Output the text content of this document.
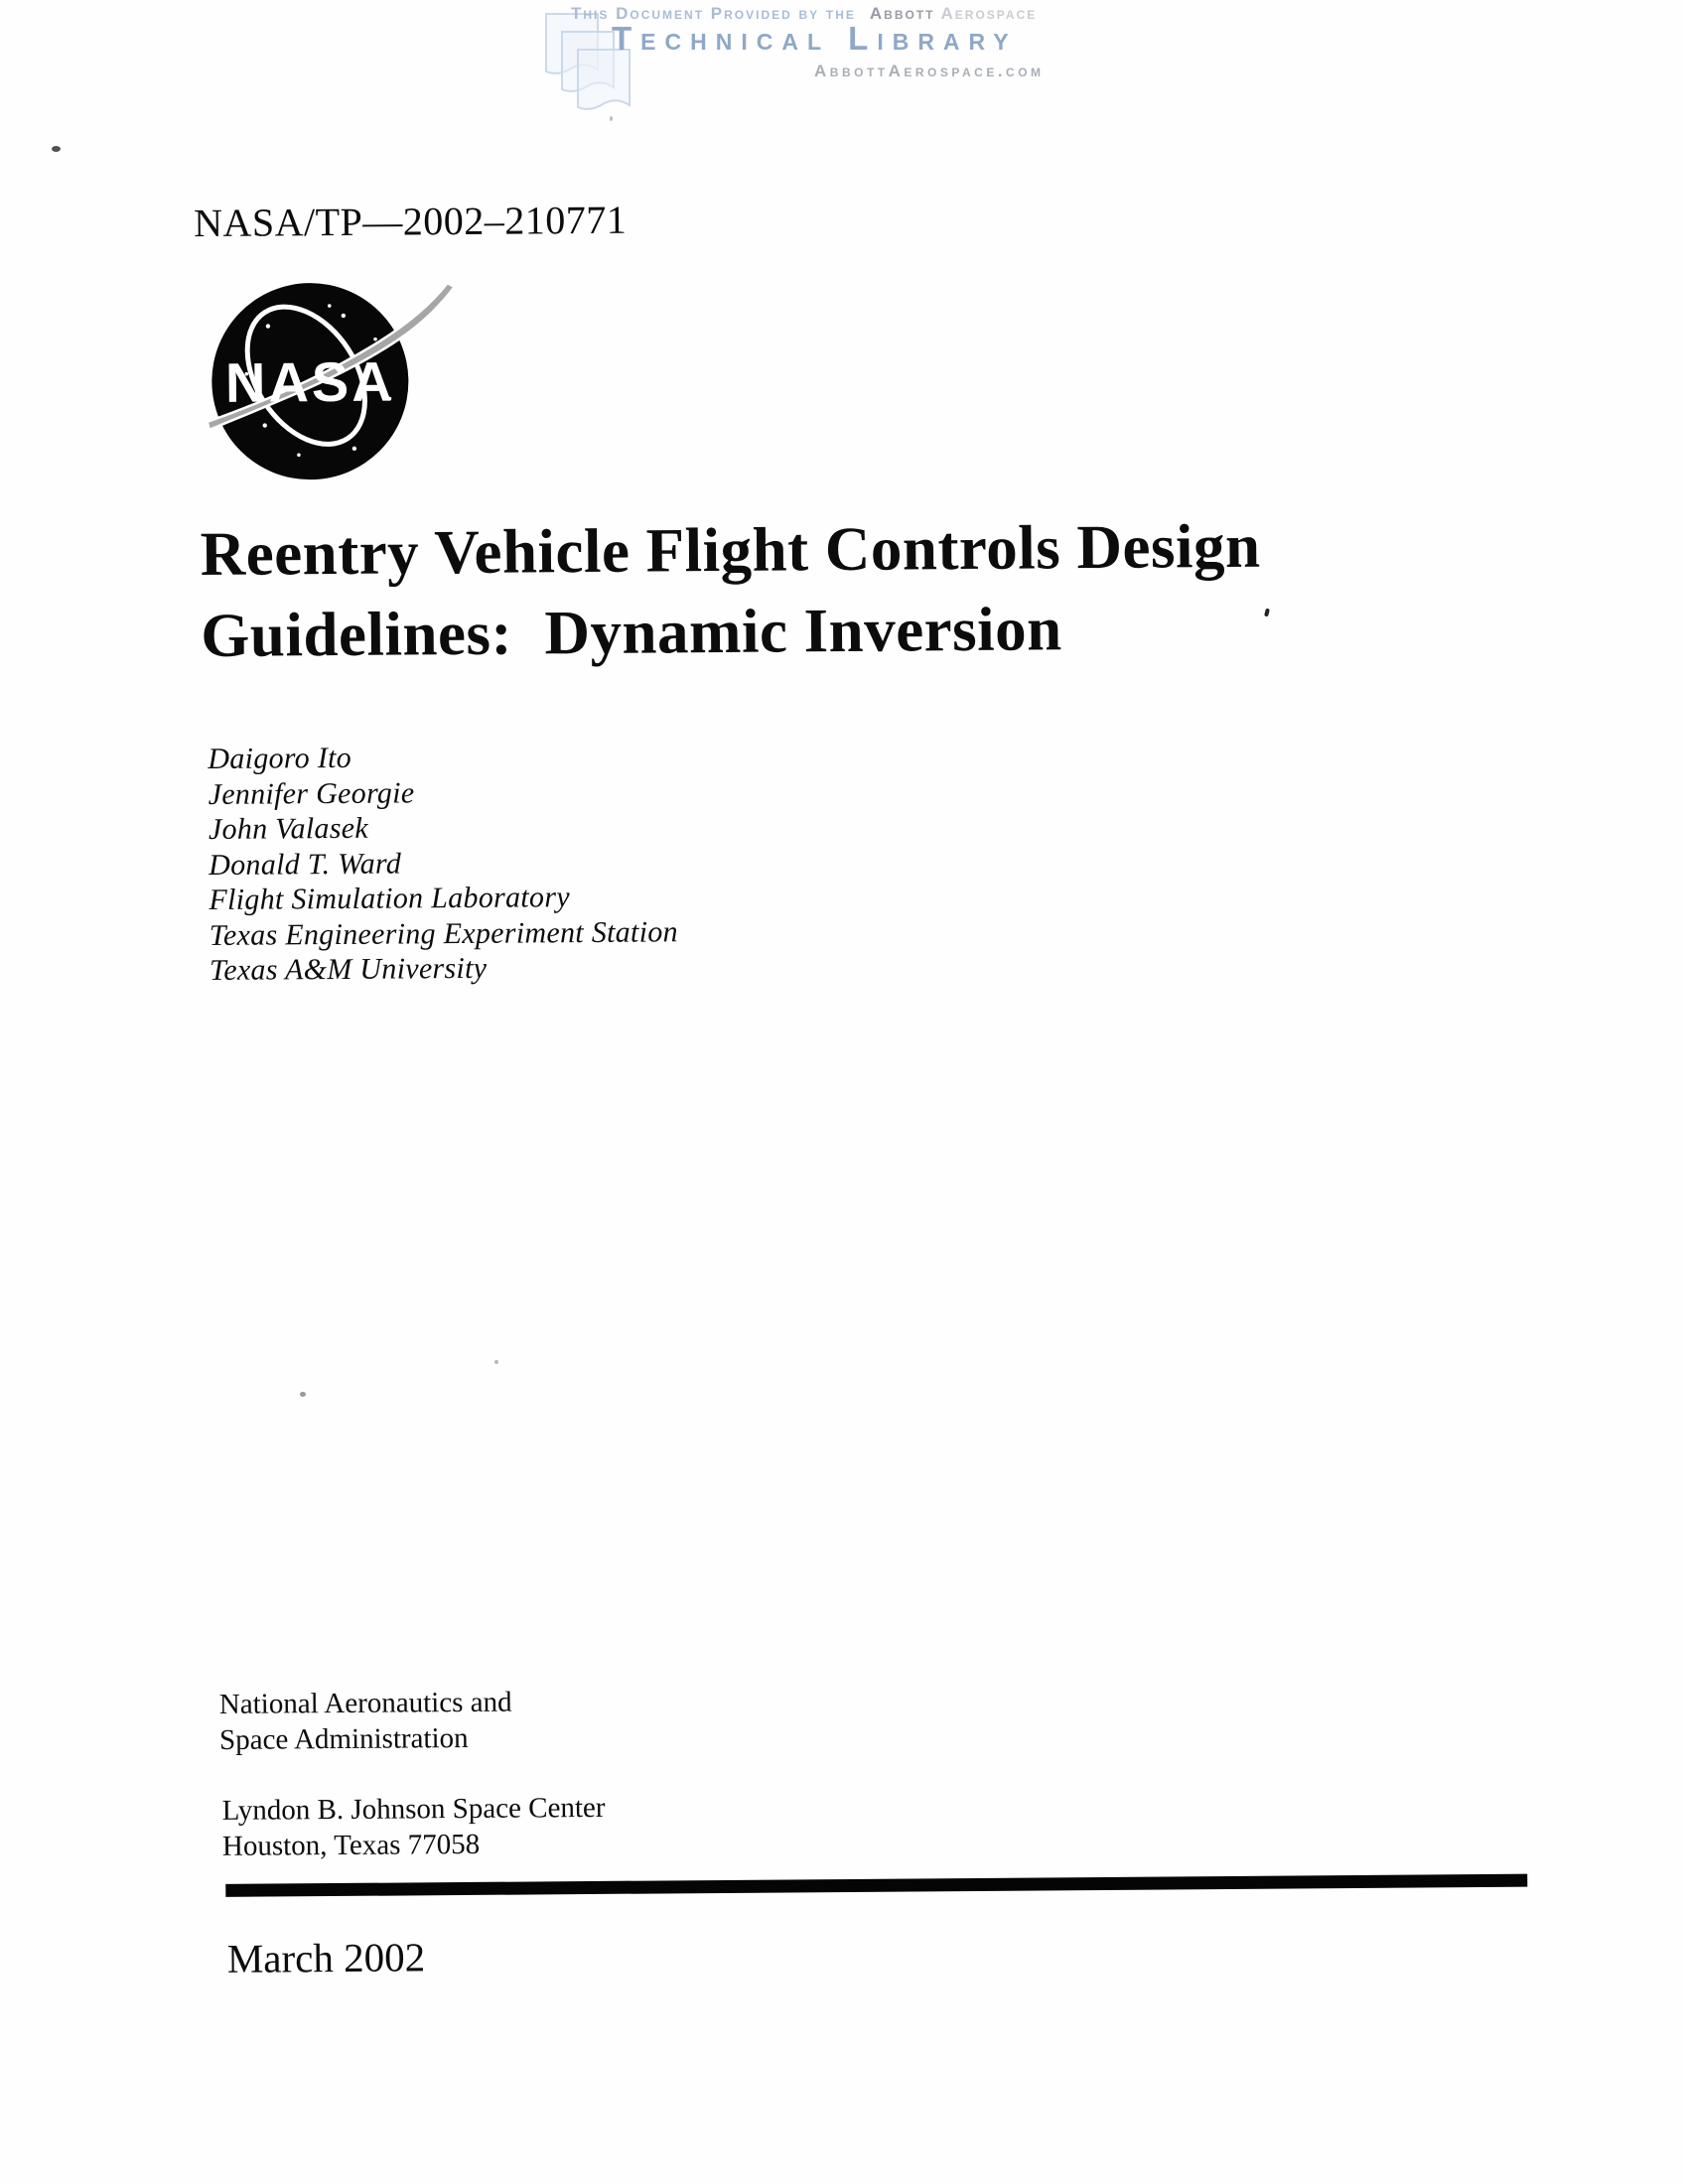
This Document Provided by the Abbott Aerospace
Technical Library
AbbottAerospace.com
NASA/TP—2002–210771
NASA
Reentry Vehicle Flight Controls Design
Guidelines:  Dynamic Inversion
Daigoro Ito
Jennifer Georgie
John Valasek
Donald T. Ward
Flight Simulation Laboratory
Texas Engineering Experiment Station
Texas A&M University
National Aeronautics and
Space Administration
Lyndon B. Johnson Space Center
Houston, Texas 77058
March 2002
